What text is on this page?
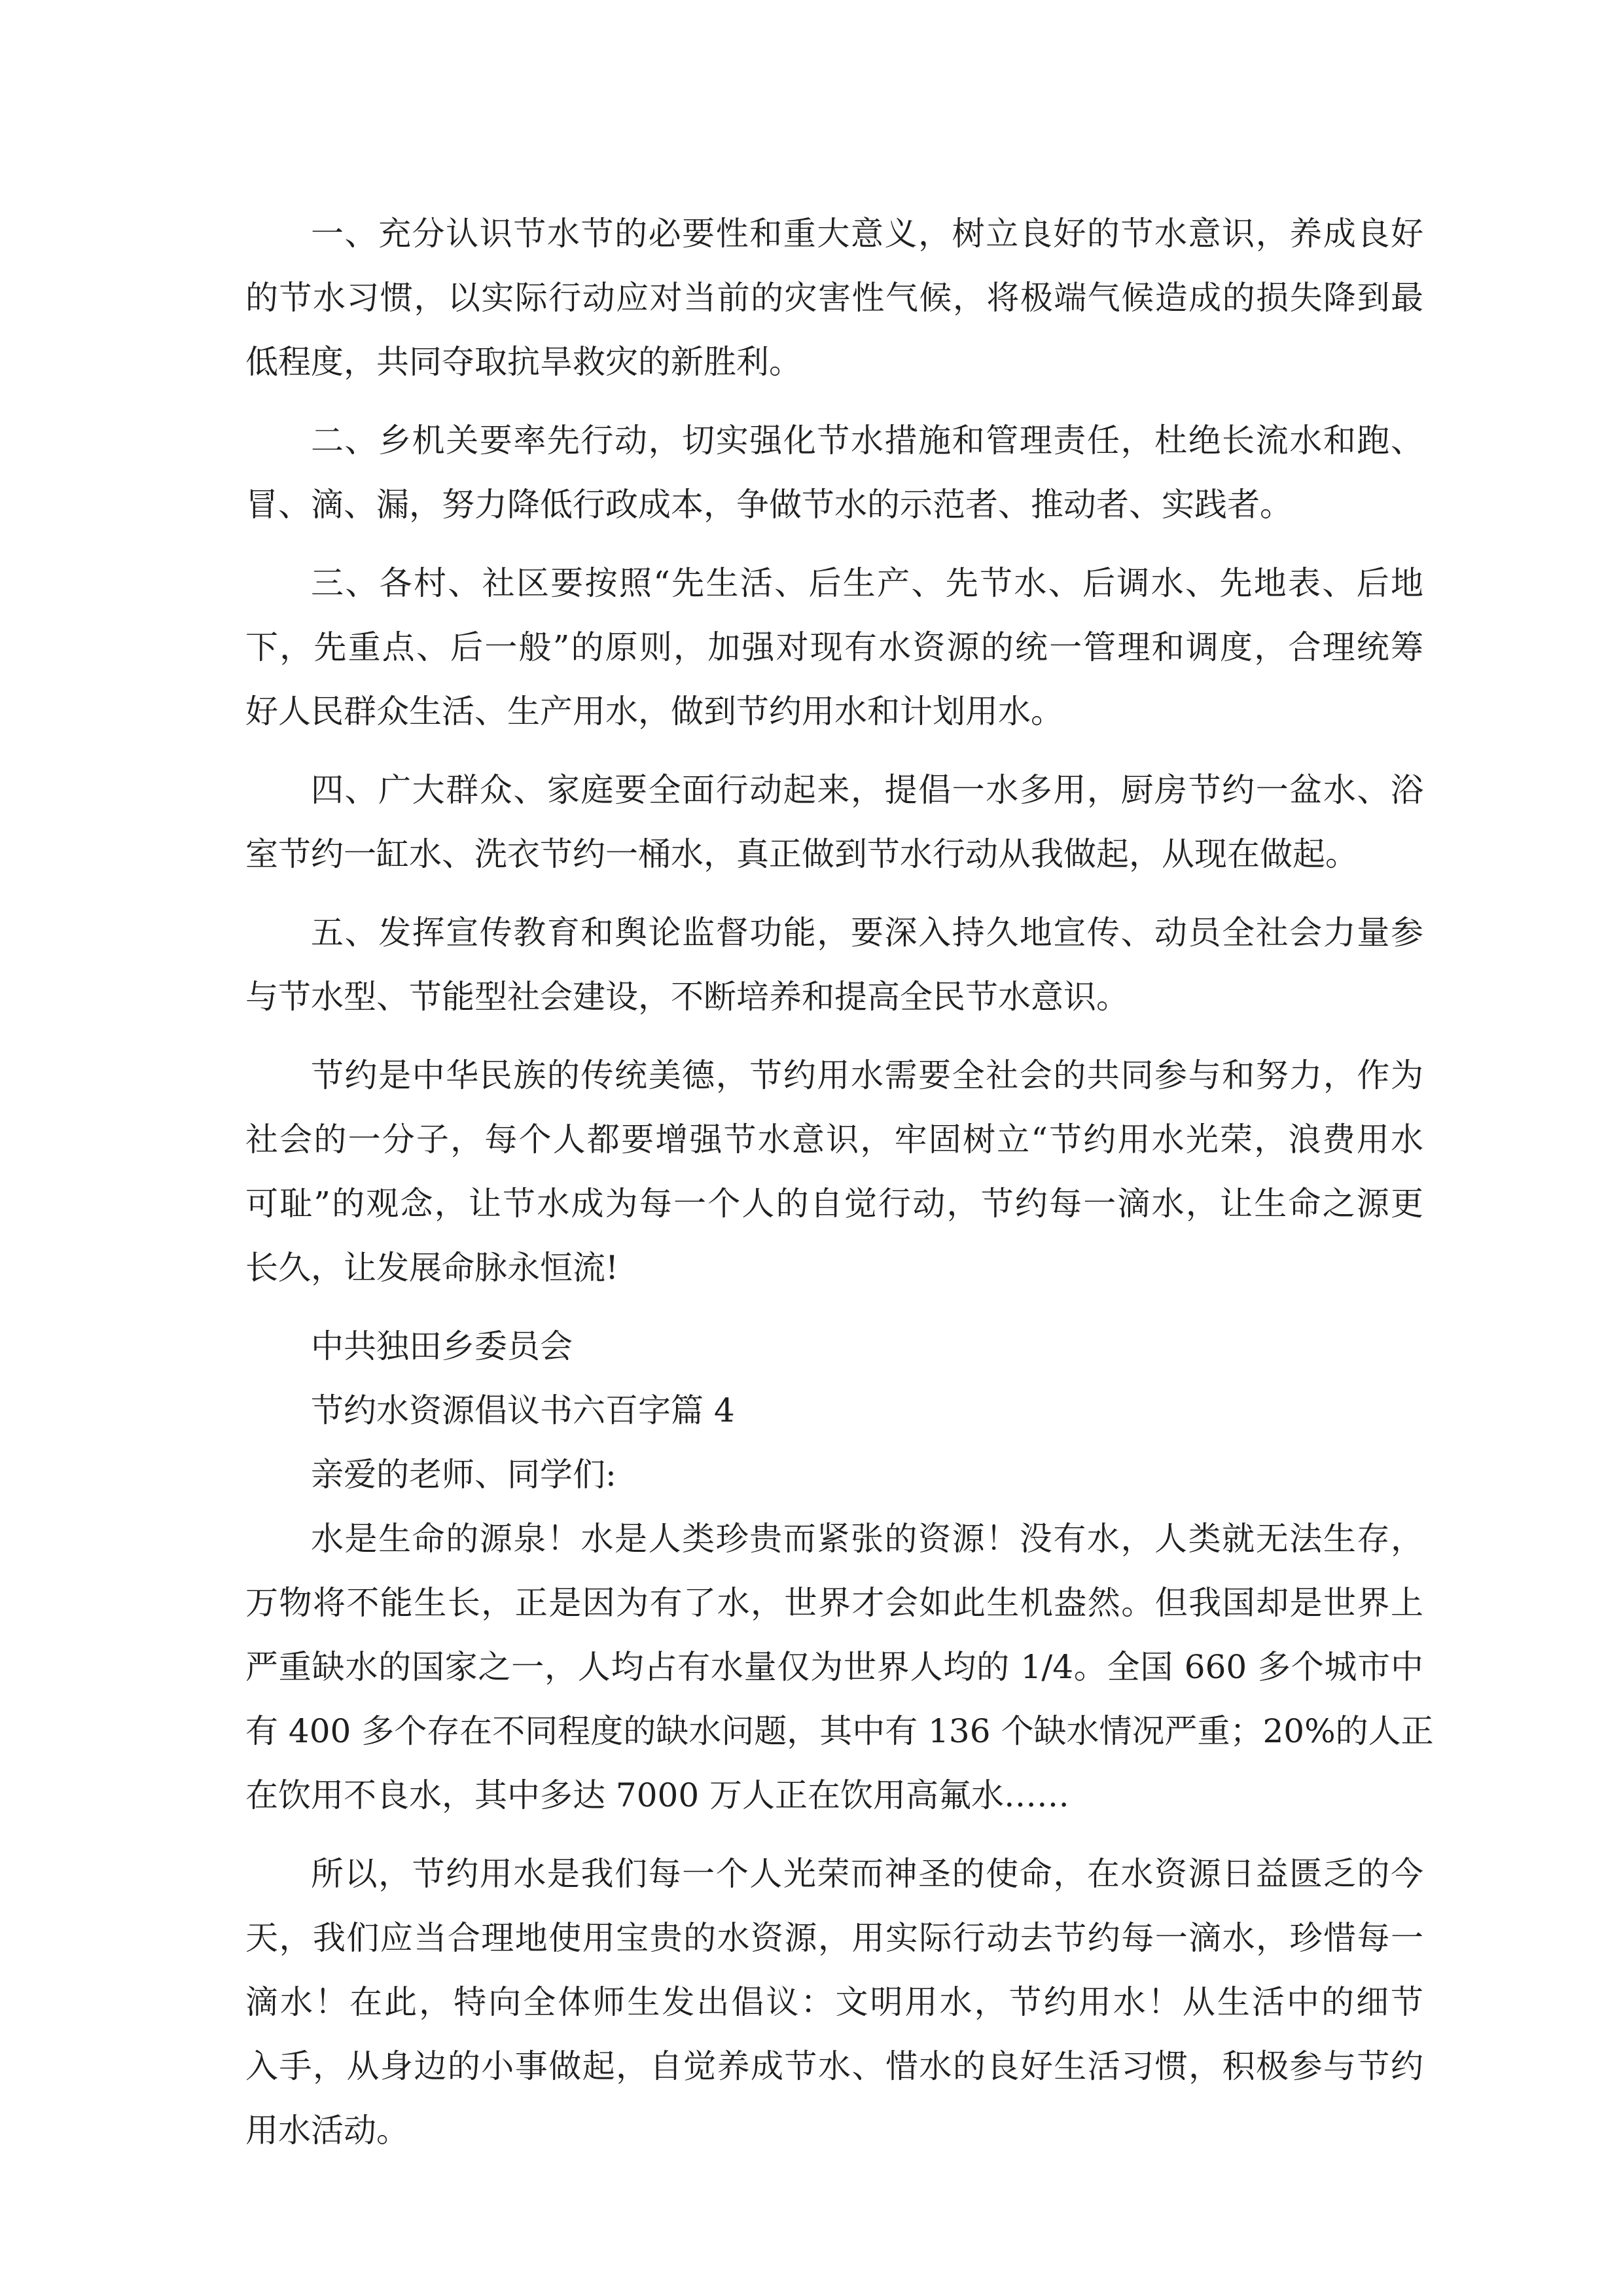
一、充分认识节水节的必要性和重大意义，树立良好的节水意识，养成良好
的节水习惯，以实际行动应对当前的灾害性气候，将极端气候造成的损失降到最
低程度，共同夺取抗旱救灾的新胜利。
二、乡机关要率先行动，切实强化节水措施和管理责任，杜绝长流水和跑、
冒、滴、漏，努力降低行政成本，争做节水的示范者、推动者、实践者。
三、各村、社区要按照“先生活、后生产、先节水、后调水、先地表、后地
下，先重点、后一般”的原则，加强对现有水资源的统一管理和调度，合理统筹
好人民群众生活、生产用水，做到节约用水和计划用水。
四、广大群众、家庭要全面行动起来，提倡一水多用，厨房节约一盆水、浴
室节约一缸水、洗衣节约一桶水，真正做到节水行动从我做起，从现在做起。
五、发挥宣传教育和舆论监督功能，要深入持久地宣传、动员全社会力量参
与节水型、节能型社会建设，不断培养和提高全民节水意识。
节约是中华民族的传统美德，节约用水需要全社会的共同参与和努力，作为
社会的一分子，每个人都要增强节水意识，牢固树立“节约用水光荣，浪费用水
可耻”的观念，让节水成为每一个人的自觉行动，节约每一滴水，让生命之源更
长久，让发展命脉永恒流!
中共独田乡委员会
节约水资源倡议书六百字篇 4
亲爱的老师、同学们:
水是生命的源泉！水是人类珍贵而紧张的资源！没有水，人类就无法生存，
万物将不能生长，正是因为有了水，世界才会如此生机盎然。但我国却是世界上
严重缺水的国家之一，人均占有水量仅为世界人均的 1/4。全国 660 多个城市中
有 400 多个存在不同程度的缺水问题，其中有 136 个缺水情况严重；20%的人正
在饮用不良水，其中多达 7000 万人正在饮用高氟水……
所以，节约用水是我们每一个人光荣而神圣的使命，在水资源日益匮乏的今
天，我们应当合理地使用宝贵的水资源，用实际行动去节约每一滴水，珍惜每一
滴水！在此，特向全体师生发出倡议：文明用水，节约用水！从生活中的细节
入手，从身边的小事做起，自觉养成节水、惜水的良好生活习惯，积极参与节约
用水活动。
